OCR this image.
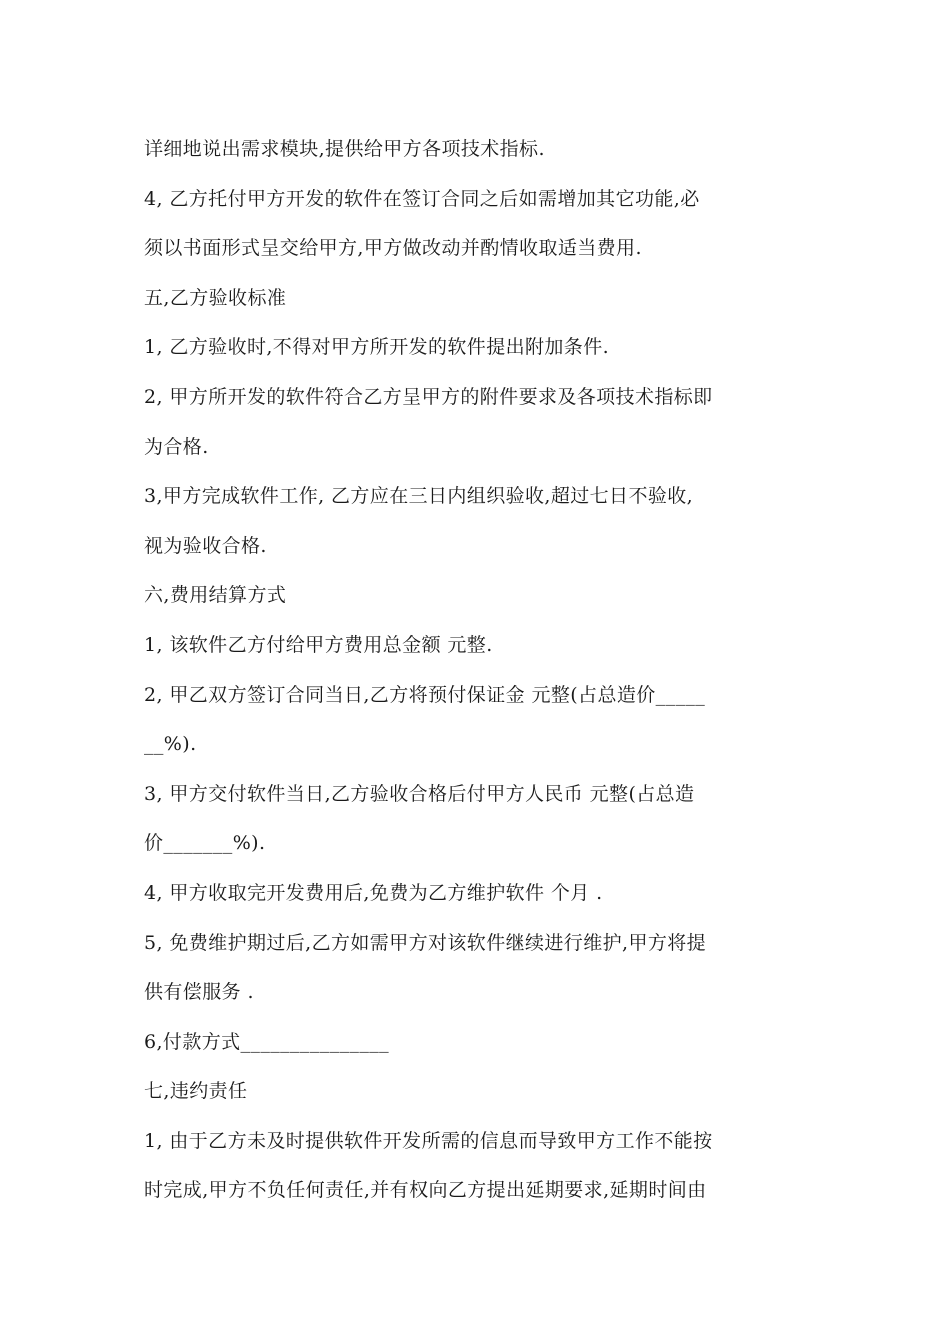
详细地说出需求模块,提供给甲方各项技术指标.

4, 乙方托付甲方开发的软件在签订合同之后如需增加其它功能,必

须以书面形式呈交给甲方,甲方做改动并酌情收取适当费用.

五,乙方验收标准

1, 乙方验收时,不得对甲方所开发的软件提出附加条件.

2, 甲方所开发的软件符合乙方呈甲方的附件要求及各项技术指标即

为合格.

3,甲方完成软件工作, 乙方应在三日内组织验收,超过七日不验收,

视为验收合格.

六,费用结算方式

1, 该软件乙方付给甲方费用总金额 元整.

2, 甲乙双方签订合同当日,乙方将预付保证金 元整(占总造价_____

__%).

3, 甲方交付软件当日,乙方验收合格后付甲方人民币 元整(占总造

价_______%).

4, 甲方收取完开发费用后,免费为乙方维护软件 个月 .

5, 免费维护期过后,乙方如需甲方对该软件继续进行维护,甲方将提

供有偿服务 .

6,付款方式_______________

七,违约责任

1, 由于乙方未及时提供软件开发所需的信息而导致甲方工作不能按

时完成,甲方不负任何责任,并有权向乙方提出延期要求,延期时间由
